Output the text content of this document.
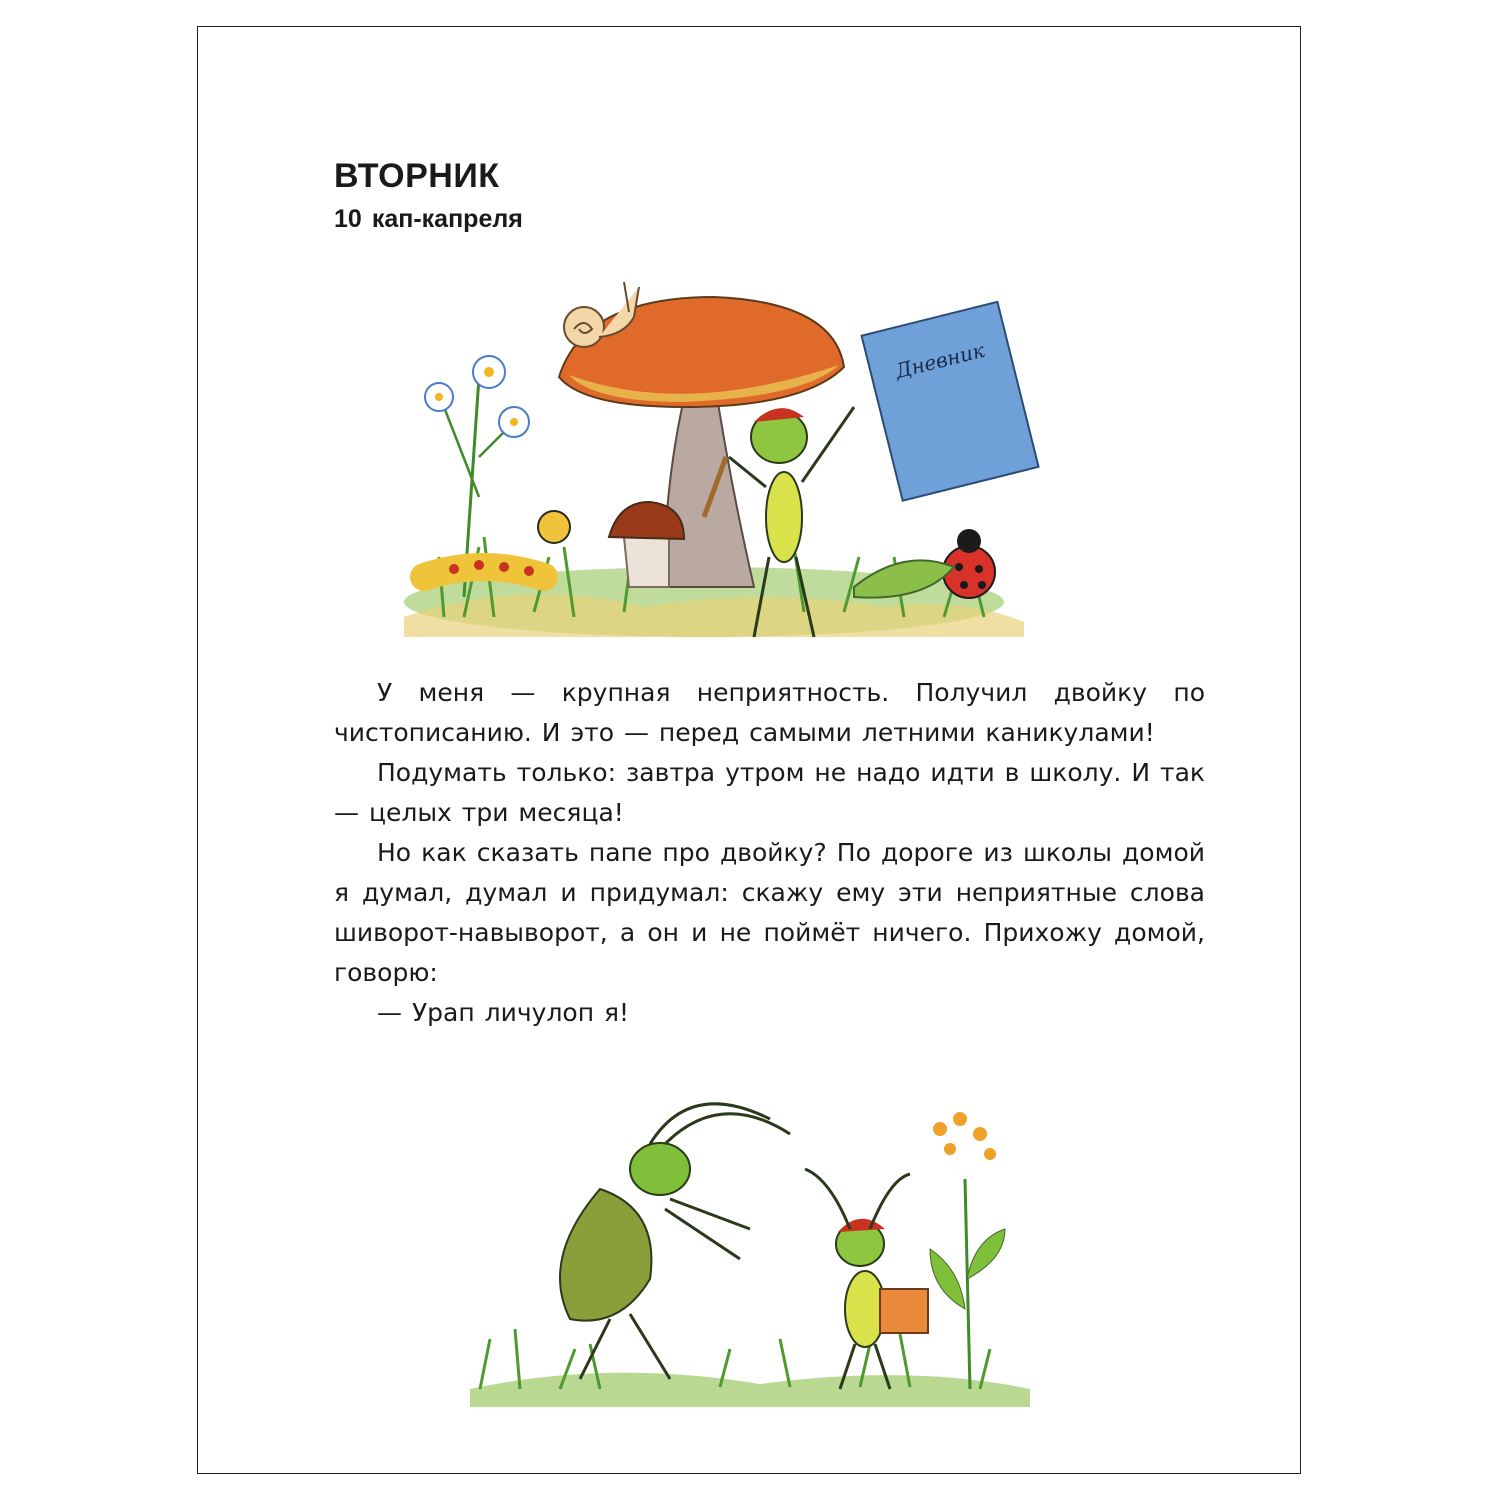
ВТОРНИК
10 кап-капреля
Дневник

У меня — крупная неприятность. Получил двойку по чистописанию. И это — перед самыми летними каникулами!

Подумать только: завтра утром не надо идти в школу. И так — целых три месяца!

Но как сказать папе про двойку? По дороге из школы домой я думал, думал и придумал: скажу ему эти неприятные слова шиворот-навыворот, а он и не поймёт ничего. Прихожу домой, говорю:

— Урап личулоп я!
